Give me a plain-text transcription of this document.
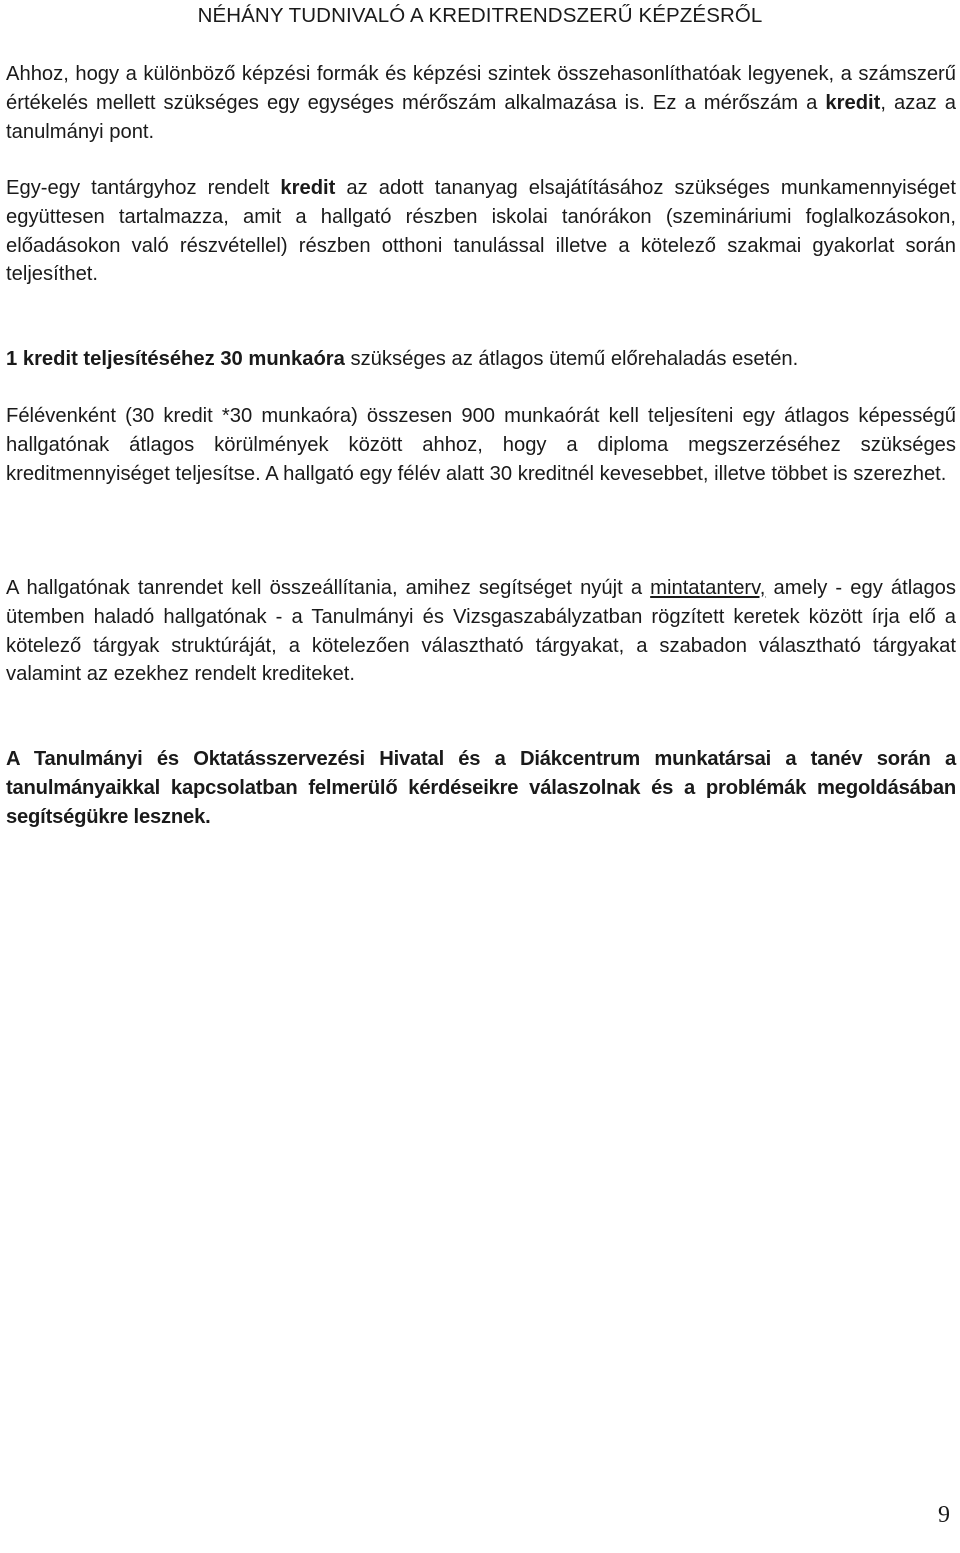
NÉHÁNY TUDNIVALÓ A KREDITRENDSZERŰ KÉPZÉSRŐL

Ahhoz, hogy a különböző képzési formák és képzési szintek összehasonlíthatóak legyenek, a számszerű értékelés mellett szükséges egy egységes mérőszám alkalmazása is. Ez a mérőszám a kredit, azaz a tanulmányi pont.

Egy-egy tantárgyhoz rendelt kredit az adott tananyag elsajátításához szükséges munkamennyiséget együttesen tartalmazza, amit a hallgató részben iskolai tanórákon (szemináriumi foglalkozásokon, előadásokon való részvétellel) részben otthoni tanulással illetve a kötelező szakmai gyakorlat során teljesíthet.

1 kredit teljesítéséhez 30 munkaóra szükséges az átlagos ütemű előrehaladás esetén.

Félévenként (30 kredit *30 munkaóra) összesen 900 munkaórát kell teljesíteni egy átlagos képességű hallgatónak átlagos körülmények között ahhoz, hogy a diploma megszerzéséhez szükséges kreditmennyiséget teljesítse. A hallgató egy félév alatt 30 kreditnél kevesebbet, illetve többet is szerezhet.

A hallgatónak tanrendet kell összeállítania, amihez segítséget nyújt a mintatanterv, amely - egy átlagos ütemben haladó hallgatónak - a Tanulmányi és Vizsgaszabályzatban rögzített keretek között írja elő a kötelező tárgyak struktúráját, a kötelezően választható tárgyakat, a szabadon választható tárgyakat valamint az ezekhez rendelt krediteket.

A Tanulmányi és Oktatásszervezési Hivatal és a Diákcentrum munkatársai a tanév során a tanulmányaikkal kapcsolatban felmerülő kérdéseikre válaszolnak és a problémák megoldásában segítségükre lesznek.

9
